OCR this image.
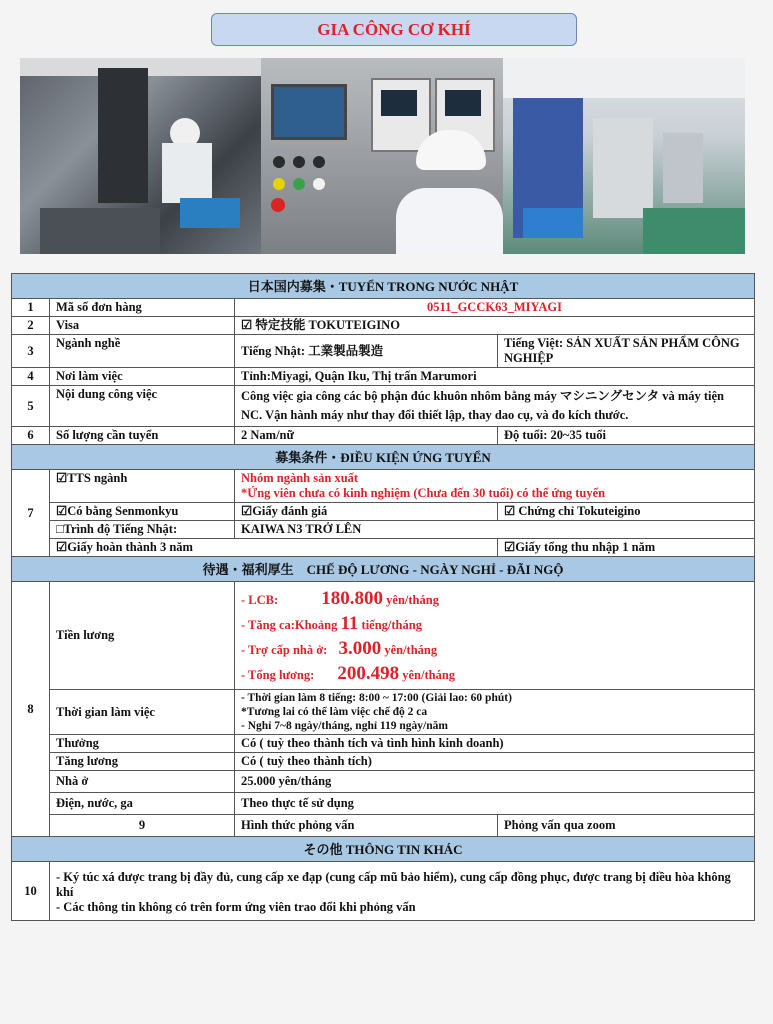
GIA CÔNG CƠ KHÍ
日本国内募集・TUYỂN TRONG NƯỚC NHẬT			
1	Mã số đơn hàng	0511_GCCK63_MIYAGI	
2	Visa	☑ 特定技能 TOKUTEIGINO	
3	Ngành nghề	Tiếng Nhật: 工業製品製造	Tiếng Việt: SẢN XUẤT SẢN PHẨM CÔNG NGHIỆP
4	Nơi làm việc	Tỉnh:Miyagi, Quận Iku, Thị trấn Marumori	
5	Nội dung công việc	Công việc gia công các bộ phận đúc khuôn nhôm bằng máy マシニングセンタ và máy tiện NC. Vận hành máy như thay đổi thiết lập, thay dao cụ, và đo kích thước.	
6	Số lượng cần tuyển	2 Nam/nữ	Độ tuổi: 20~35 tuổi
募集条件・ĐIỀU KIỆN ỨNG TUYỂN			
7	☑TTS ngành	Nhóm ngành sản xuất
*Ứng viên chưa có kinh nghiệm (Chưa đến 30 tuổi) có thể ứng tuyển	

	☑Có bằng Senmonkyu	☑Giấy đánh giá	☑ Chứng chỉ Tokuteigino
	□Trình độ Tiếng Nhật:	KAIWA N3 TRỞ LÊN	
	☑Giấy hoàn thành 3 năm		☑Giấy tổng thu nhập 1 năm
待遇・福利厚生　CHẾ ĐỘ LƯƠNG - NGÀY NGHỈ - ĐÃI NGỘ			
8	Tiền lương	- LCB: 180.800 yên/tháng
- Tăng ca:Khoảng 11 tiếng/tháng
- Trợ cấp nhà ở: 3.000 yên/tháng
- Tổng lương: 200.498 yên/tháng	

	Thời gian làm việc	- Thời gian làm 8 tiếng: 8:00 ~ 17:00 (Giải lao: 60 phút)
*Tương lai có thể làm việc chế độ 2 ca
- Nghỉ 7~8 ngày/tháng, nghỉ 119 ngày/năm	

	Thưởng	Có ( tuỳ theo thành tích và tình hình kinh doanh)	
	Tăng lương	Có ( tuỳ theo thành tích)	
	Nhà ở	25.000 yên/tháng	
	Điện, nước, ga	Theo thực tế sử dụng	
	9	Hình thức phỏng vấn	Phỏng vấn qua zoom
その他 THÔNG TIN KHÁC			
10	- Ký túc xá được trang bị đầy đủ, cung cấp xe đạp (cung cấp mũ bảo hiểm), cung cấp đồng phục, được trang bị điều hòa không khí
- Các thông tin không có trên form ứng viên trao đổi khi phỏng vấn		
